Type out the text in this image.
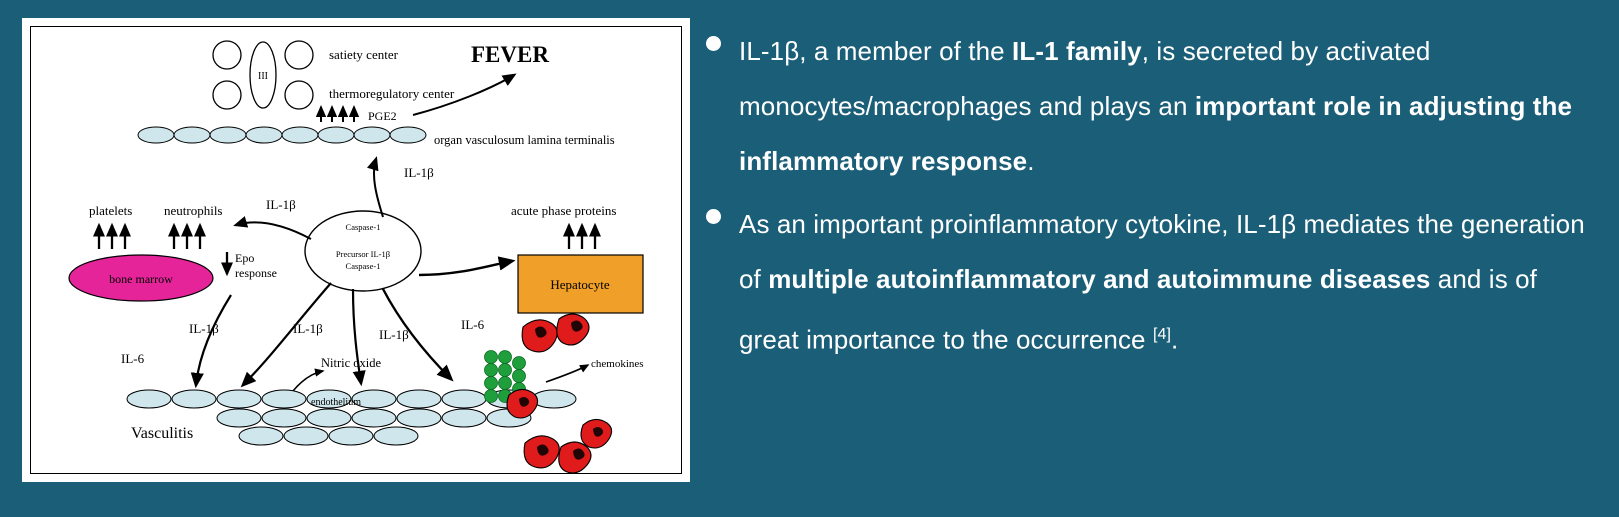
III
satiety center
thermoregulatory center
FEVER
PGE2
organ vasculosum lamina terminalis
Caspase-1
Precursor IL-1β
Caspase-1
IL-1β
IL-1β
platelets neutrophils
bone marrow
Epo
response
acute phase proteins
Hepatocyte
IL-1β	IL-1β	IL-1β
IL-6
IL-6
Nitric oxide
endothelium
Vasculitis
chemokines
IL-1β, a member of the IL-1 family, is secreted by activated monocytes/macrophages and plays an important role in adjusting the inflammatory response.
As an important proinflammatory cytokine, IL-1β mediates the generation of multiple autoinflammatory and autoimmune diseases and is of great importance to the occurrence [4].
